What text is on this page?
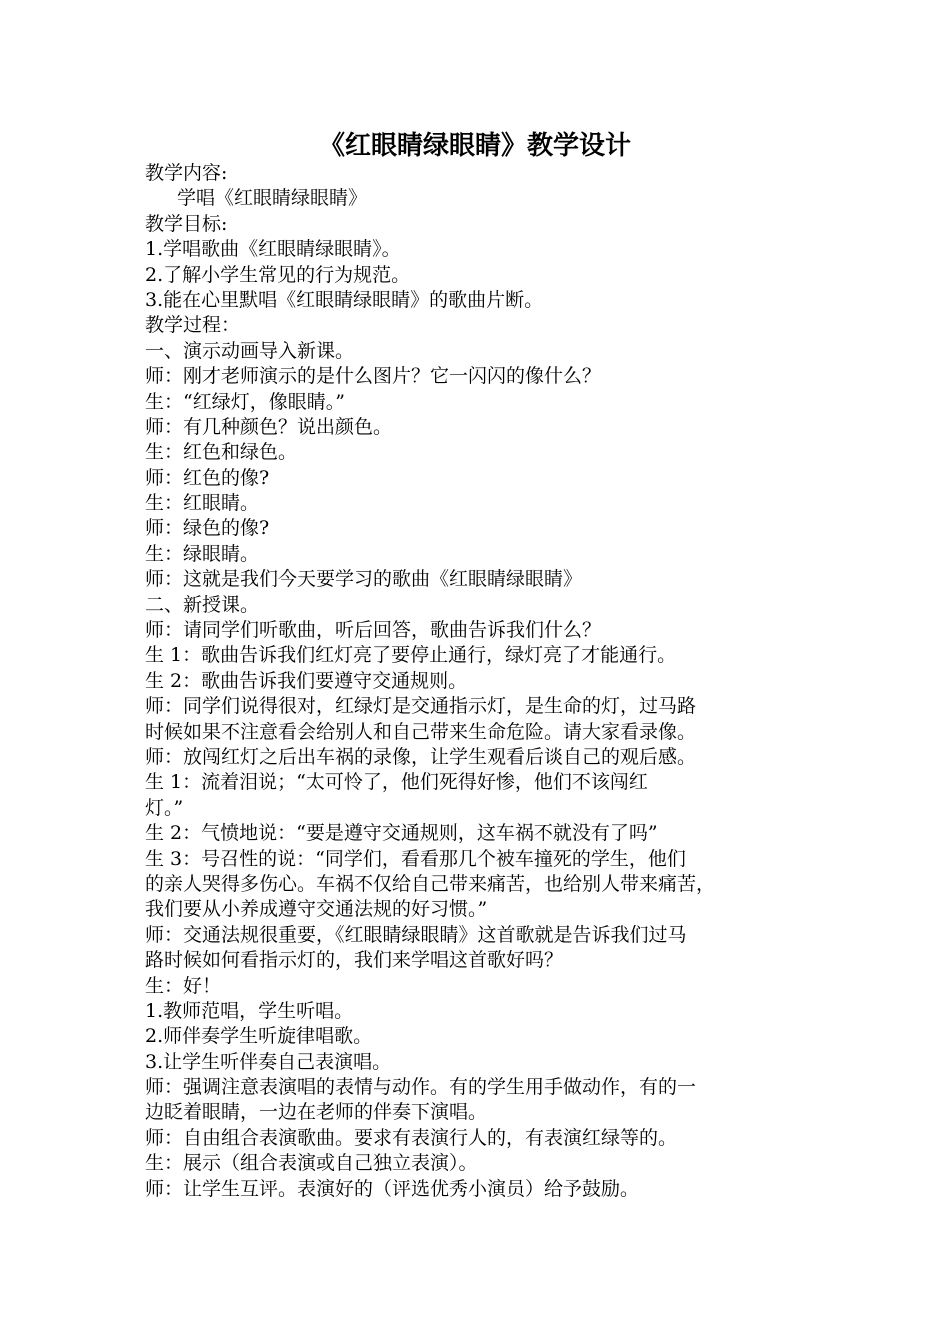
《红眼睛绿眼睛》教学设计
教学内容:
学唱《红眼睛绿眼睛》
教学目标:
1.学唱歌曲《红眼睛绿眼睛》。
2.了解小学生常见的行为规范。
3.能在心里默唱《红眼睛绿眼睛》的歌曲片断。
教学过程：
一、演示动画导入新课。
师：刚才老师演示的是什么图片？它一闪闪的像什么？
生：“红绿灯，像眼睛。”
师：有几种颜色？说出颜色。
生：红色和绿色。
师：红色的像?
生：红眼睛。
师：绿色的像?
生：绿眼睛。
师：这就是我们今天要学习的歌曲《红眼睛绿眼睛》
二、新授课。
师：请同学们听歌曲，听后回答，歌曲告诉我们什么？
生 1：歌曲告诉我们红灯亮了要停止通行，绿灯亮了才能通行。
生 2：歌曲告诉我们要遵守交通规则。
师：同学们说得很对，红绿灯是交通指示灯，是生命的灯，过马路
时候如果不注意看会给别人和自己带来生命危险。请大家看录像。
师：放闯红灯之后出车祸的录像，让学生观看后谈自己的观后感。
生 1：流着泪说；“太可怜了，他们死得好惨，他们不该闯红
灯。”
生 2：气愤地说：“要是遵守交通规则，这车祸不就没有了吗”
生 3：号召性的说：“同学们，看看那几个被车撞死的学生，他们
的亲人哭得多伤心。车祸不仅给自己带来痛苦，也给别人带来痛苦，
我们要从小养成遵守交通法规的好习惯。”
师：交通法规很重要，《红眼睛绿眼睛》这首歌就是告诉我们过马
路时候如何看指示灯的，我们来学唱这首歌好吗？
生：好！
1.教师范唱，学生听唱。
2.师伴奏学生听旋律唱歌。
3.让学生听伴奏自己表演唱。
师：强调注意表演唱的表情与动作。有的学生用手做动作，有的一
边眨着眼睛，一边在老师的伴奏下演唱。
师：自由组合表演歌曲。要求有表演行人的，有表演红绿等的。
生：展示（组合表演或自己独立表演）。
师：让学生互评。表演好的（评选优秀小演员）给予鼓励。
